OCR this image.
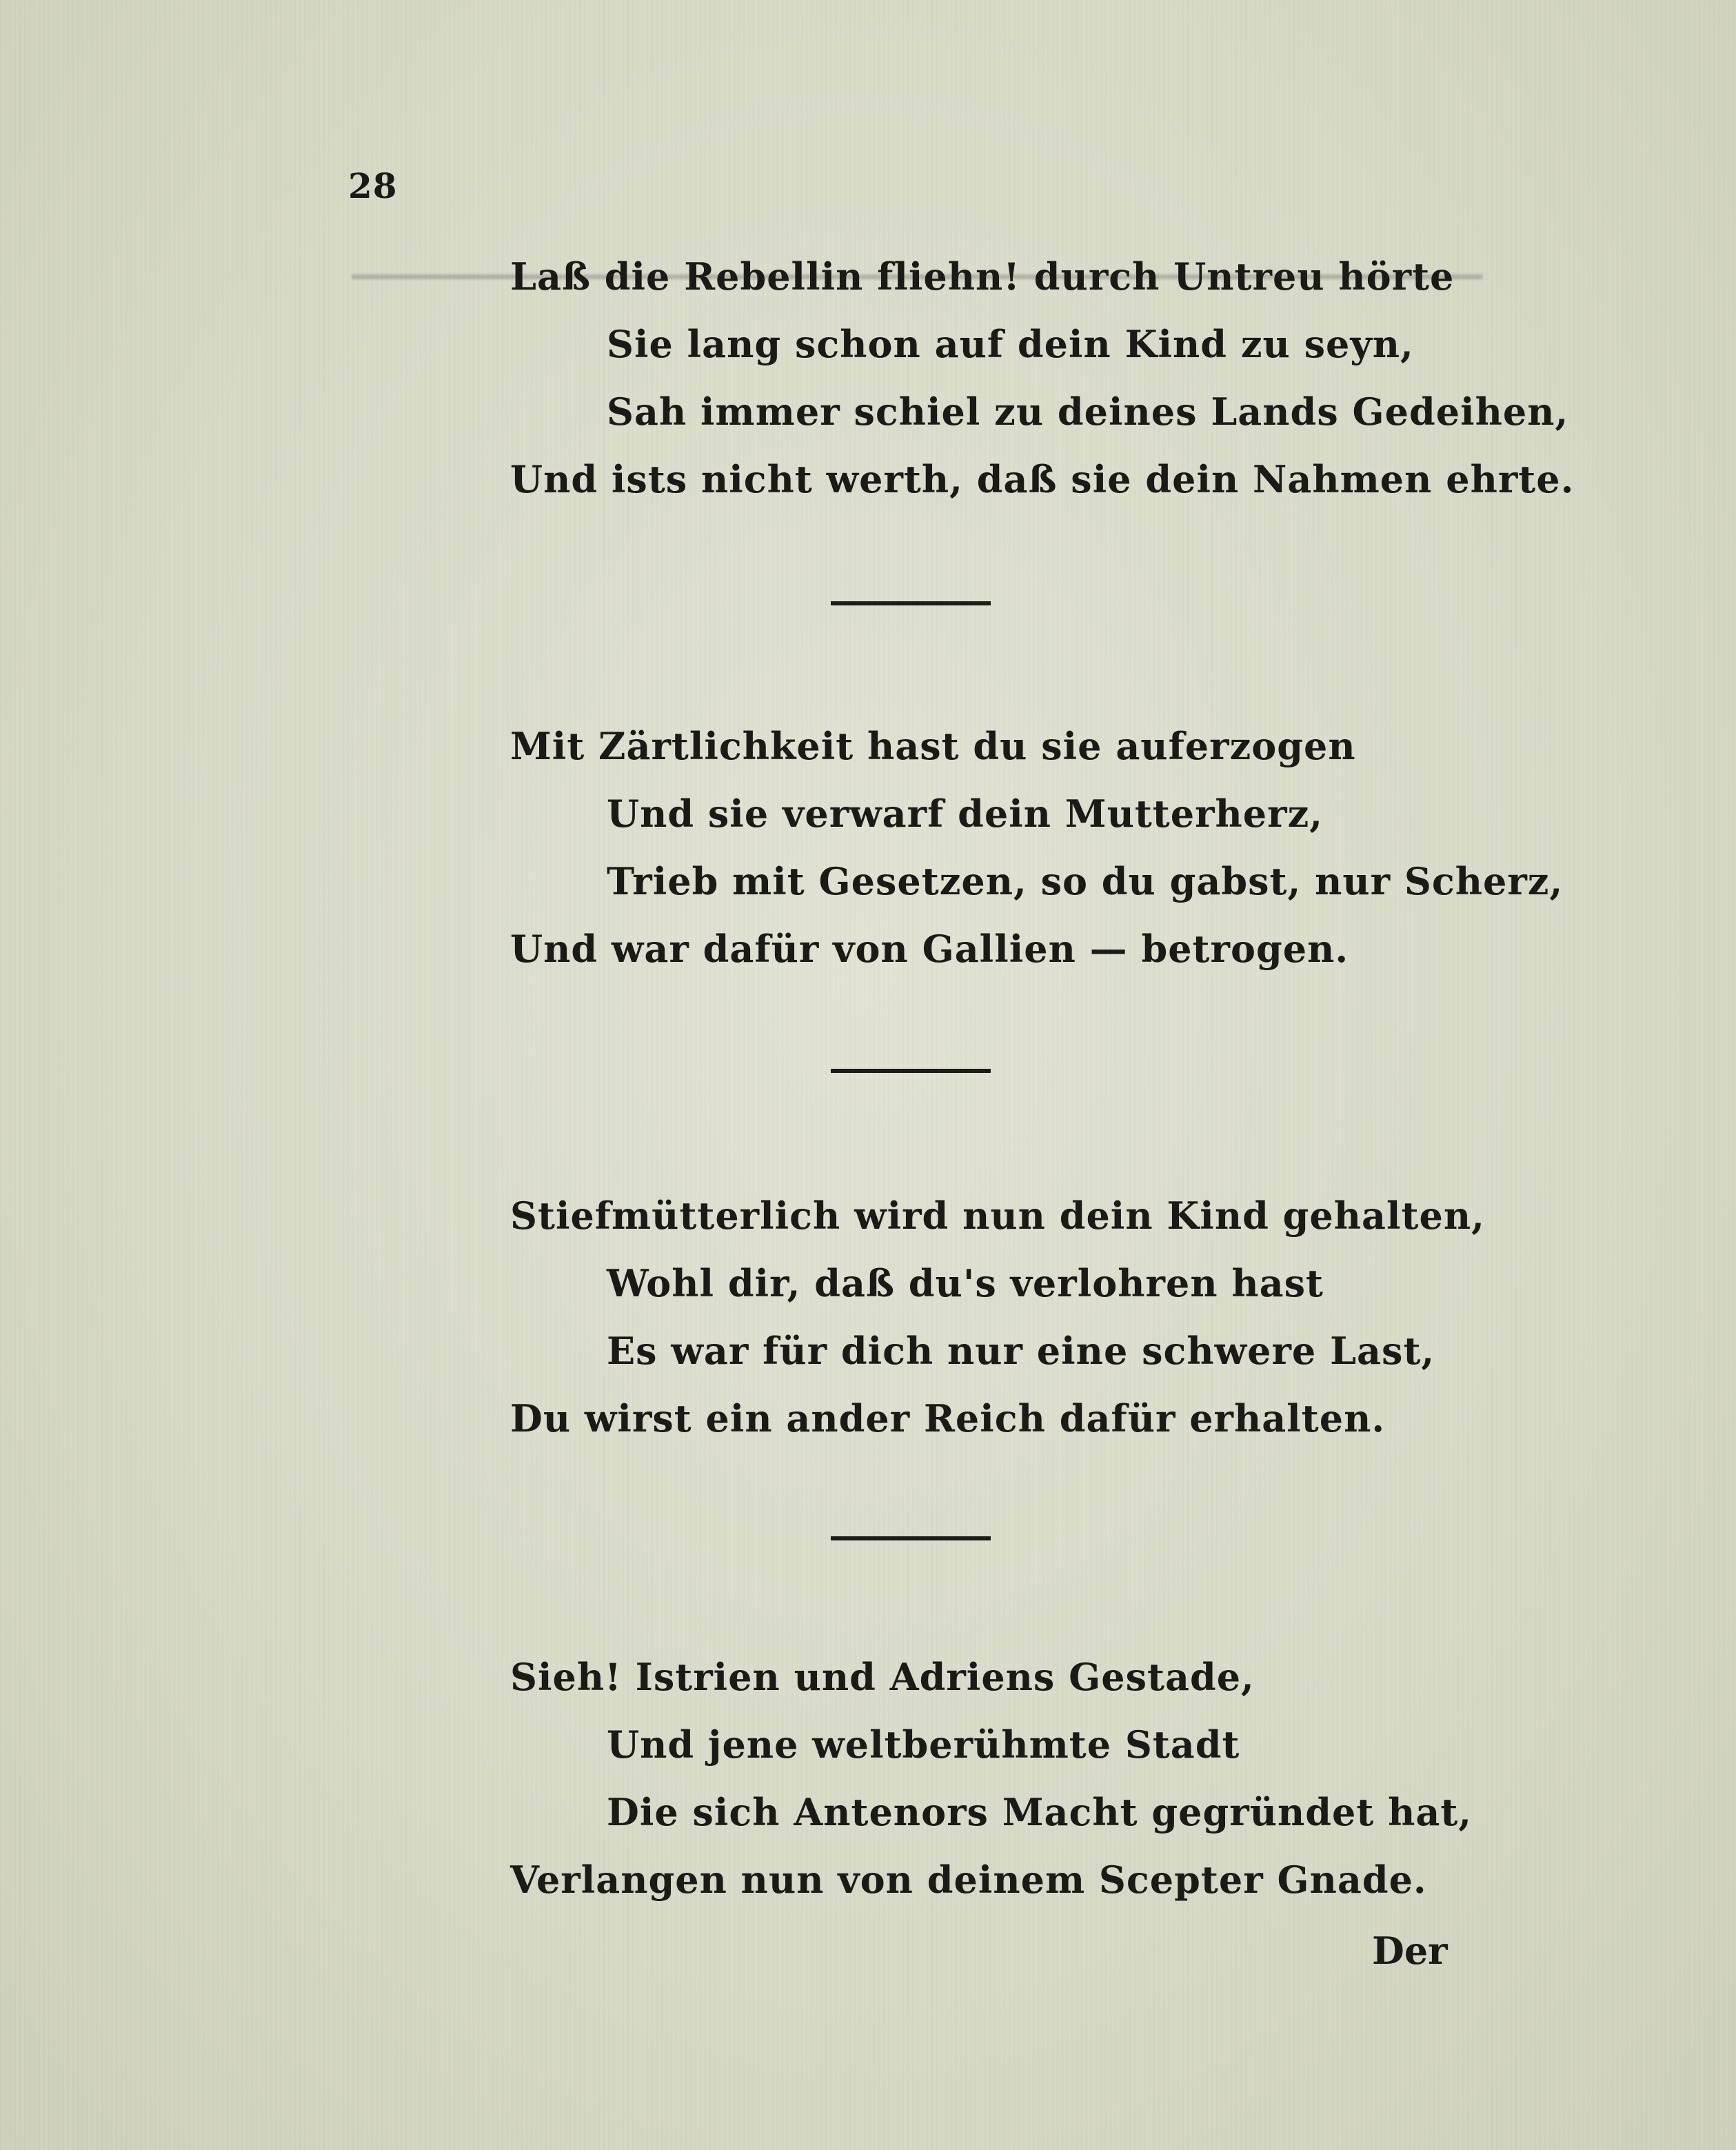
28
Laß die Rebellin fliehn! durch Untreu hörte
Sie lang schon auf dein Kind zu seyn,
Sah immer schiel zu deines Lands Gedeihen,
Und ists nicht werth, daß sie dein Nahmen ehrte.
Mit Zärtlichkeit hast du sie auferzogen
Und sie verwarf dein Mutterherz,
Trieb mit Gesetzen, so du gabst, nur Scherz,
Und war dafür von Gallien — betrogen.
Stiefmütterlich wird nun dein Kind gehalten,
Wohl dir, daß du's verlohren hast
Es war für dich nur eine schwere Last,
Du wirst ein ander Reich dafür erhalten.
Sieh! Istrien und Adriens Gestade,
Und jene weltberühmte Stadt
Die sich Antenors Macht gegründet hat,
Verlangen nun von deinem Scepter Gnade.
Der
